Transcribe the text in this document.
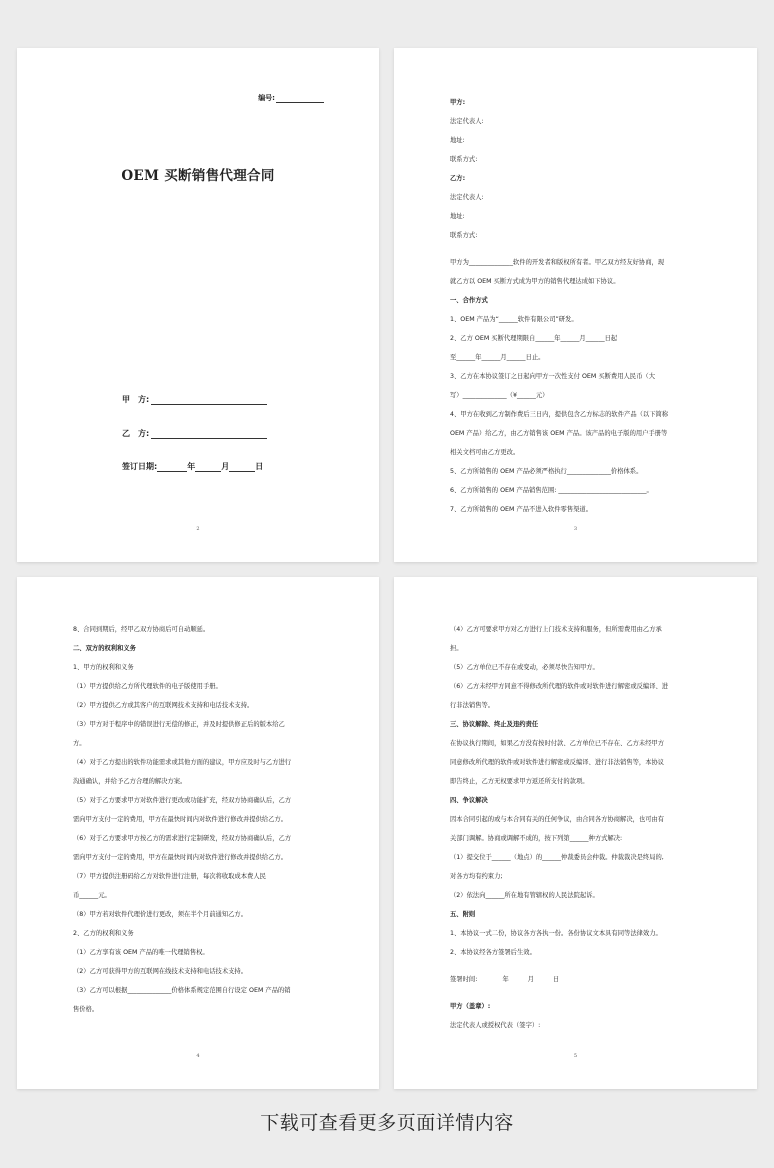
编号:
OEM 买断销售代理合同
甲　方:
乙　方:
签订日期:	年	月	日
2
甲方:
法定代表人:
地址:
联系方式:
乙方:
法定代表人:
地址:
联系方式:
甲方为______________软件的开发者和版权所有者。甲乙双方经友好协商，现
就乙方以 OEM 买断方式成为甲方的销售代理达成如下协议。
一、合作方式
1、OEM 产品为“______软件有限公司”研发。
2、乙方 OEM 买断代理期限自______年______月______日起
至______年______月______日止。
3、乙方在本协议签订之日起向甲方一次性支付 OEM 买断费用人民币（大
写）______________（¥______元）
4、甲方在收到乙方制作费后三日内，提供包含乙方标志的软件产品（以下简称
OEM 产品）给乙方，由乙方销售该 OEM 产品。该产品的电子版的用户手册等
相关文档可由乙方更改。
5、乙方所销售的 OEM 产品必须严格执行______________价格体系。
6、乙方所销售的 OEM 产品销售范围: ____________________________。
7、乙方所销售的 OEM 产品不进入软件零售渠道。
3
8、合同到期后，经甲乙双方协商后可自动顺延。
二、双方的权利和义务
1、甲方的权利和义务
（1）甲方提供给乙方所代理软件的电子版使用手册。
（2）甲方提供乙方或其客户的互联网技术支持和电话技术支持。
（3）甲方对于程序中的错误进行无偿的修正，并及时提供修正后的版本给乙
方。
（4）对于乙方提出的软件功能需求或其他方面的建议，甲方应及时与乙方进行
沟通确认，并给予乙方合理的解决方案。
（5）对于乙方要求甲方对软件进行更改或功能扩充，经双方协商确认后，乙方
需向甲方支付一定的费用，甲方在最快时间内对软件进行修改并提供给乙方。
（6）对于乙方要求甲方按乙方的需求进行定制研发，经双方协商确认后，乙方
需向甲方支付一定的费用，甲方在最快时间内对软件进行修改并提供给乙方。
（7）甲方提供注册码给乙方对软件进行注册，每次将收取成本费人民
币______元。
（8）甲方若对软件代理价进行更改，须在半个月前通知乙方。
2、乙方的权利和义务
（1）乙方享有该 OEM 产品的唯一代理销售权。
（2）乙方可获得甲方的互联网在线技术支持和电话技术支持。
（3）乙方可以根据______________价格体系规定范围自行设定 OEM 产品的销
售价格。
4
（4）乙方可要求甲方对乙方进行上门技术支持和服务，但所需费用由乙方承
担。
（5）乙方单位已不存在或变动，必须尽快告知甲方。
（6）乙方未经甲方同意不得修改所代理的软件或对软件进行解密或反编译、进
行非法销售等。
三、协议解除、终止及违约责任
在协议执行期间，如果乙方没有按时付款、乙方单位已不存在、乙方未经甲方
同意修改所代理的软件或对软件进行解密或反编译、进行非法销售等，本协议
即告终止，乙方无权要求甲方返还所支付的款项。
四、争议解决
因本合同引起的或与本合同有关的任何争议，由合同各方协商解决，也可由有
关部门调解。协商或调解不成的，按下列第______种方式解决:
（1）提交位于______（地点）的______仲裁委员会仲裁。仲裁裁决是终局的,
对各方均有约束力;
（2）依法向______所在地有管辖权的人民法院起诉。
五、附则
1、本协议一式二份，协议各方各执一份。各份协议文本具有同等法律效力。
2、本协议经各方签署后生效。
签署时间:　　　　年　　　月　　　日
甲方（盖章）:
法定代表人或授权代表（签字）:
5
下载可查看更多页面详情内容
